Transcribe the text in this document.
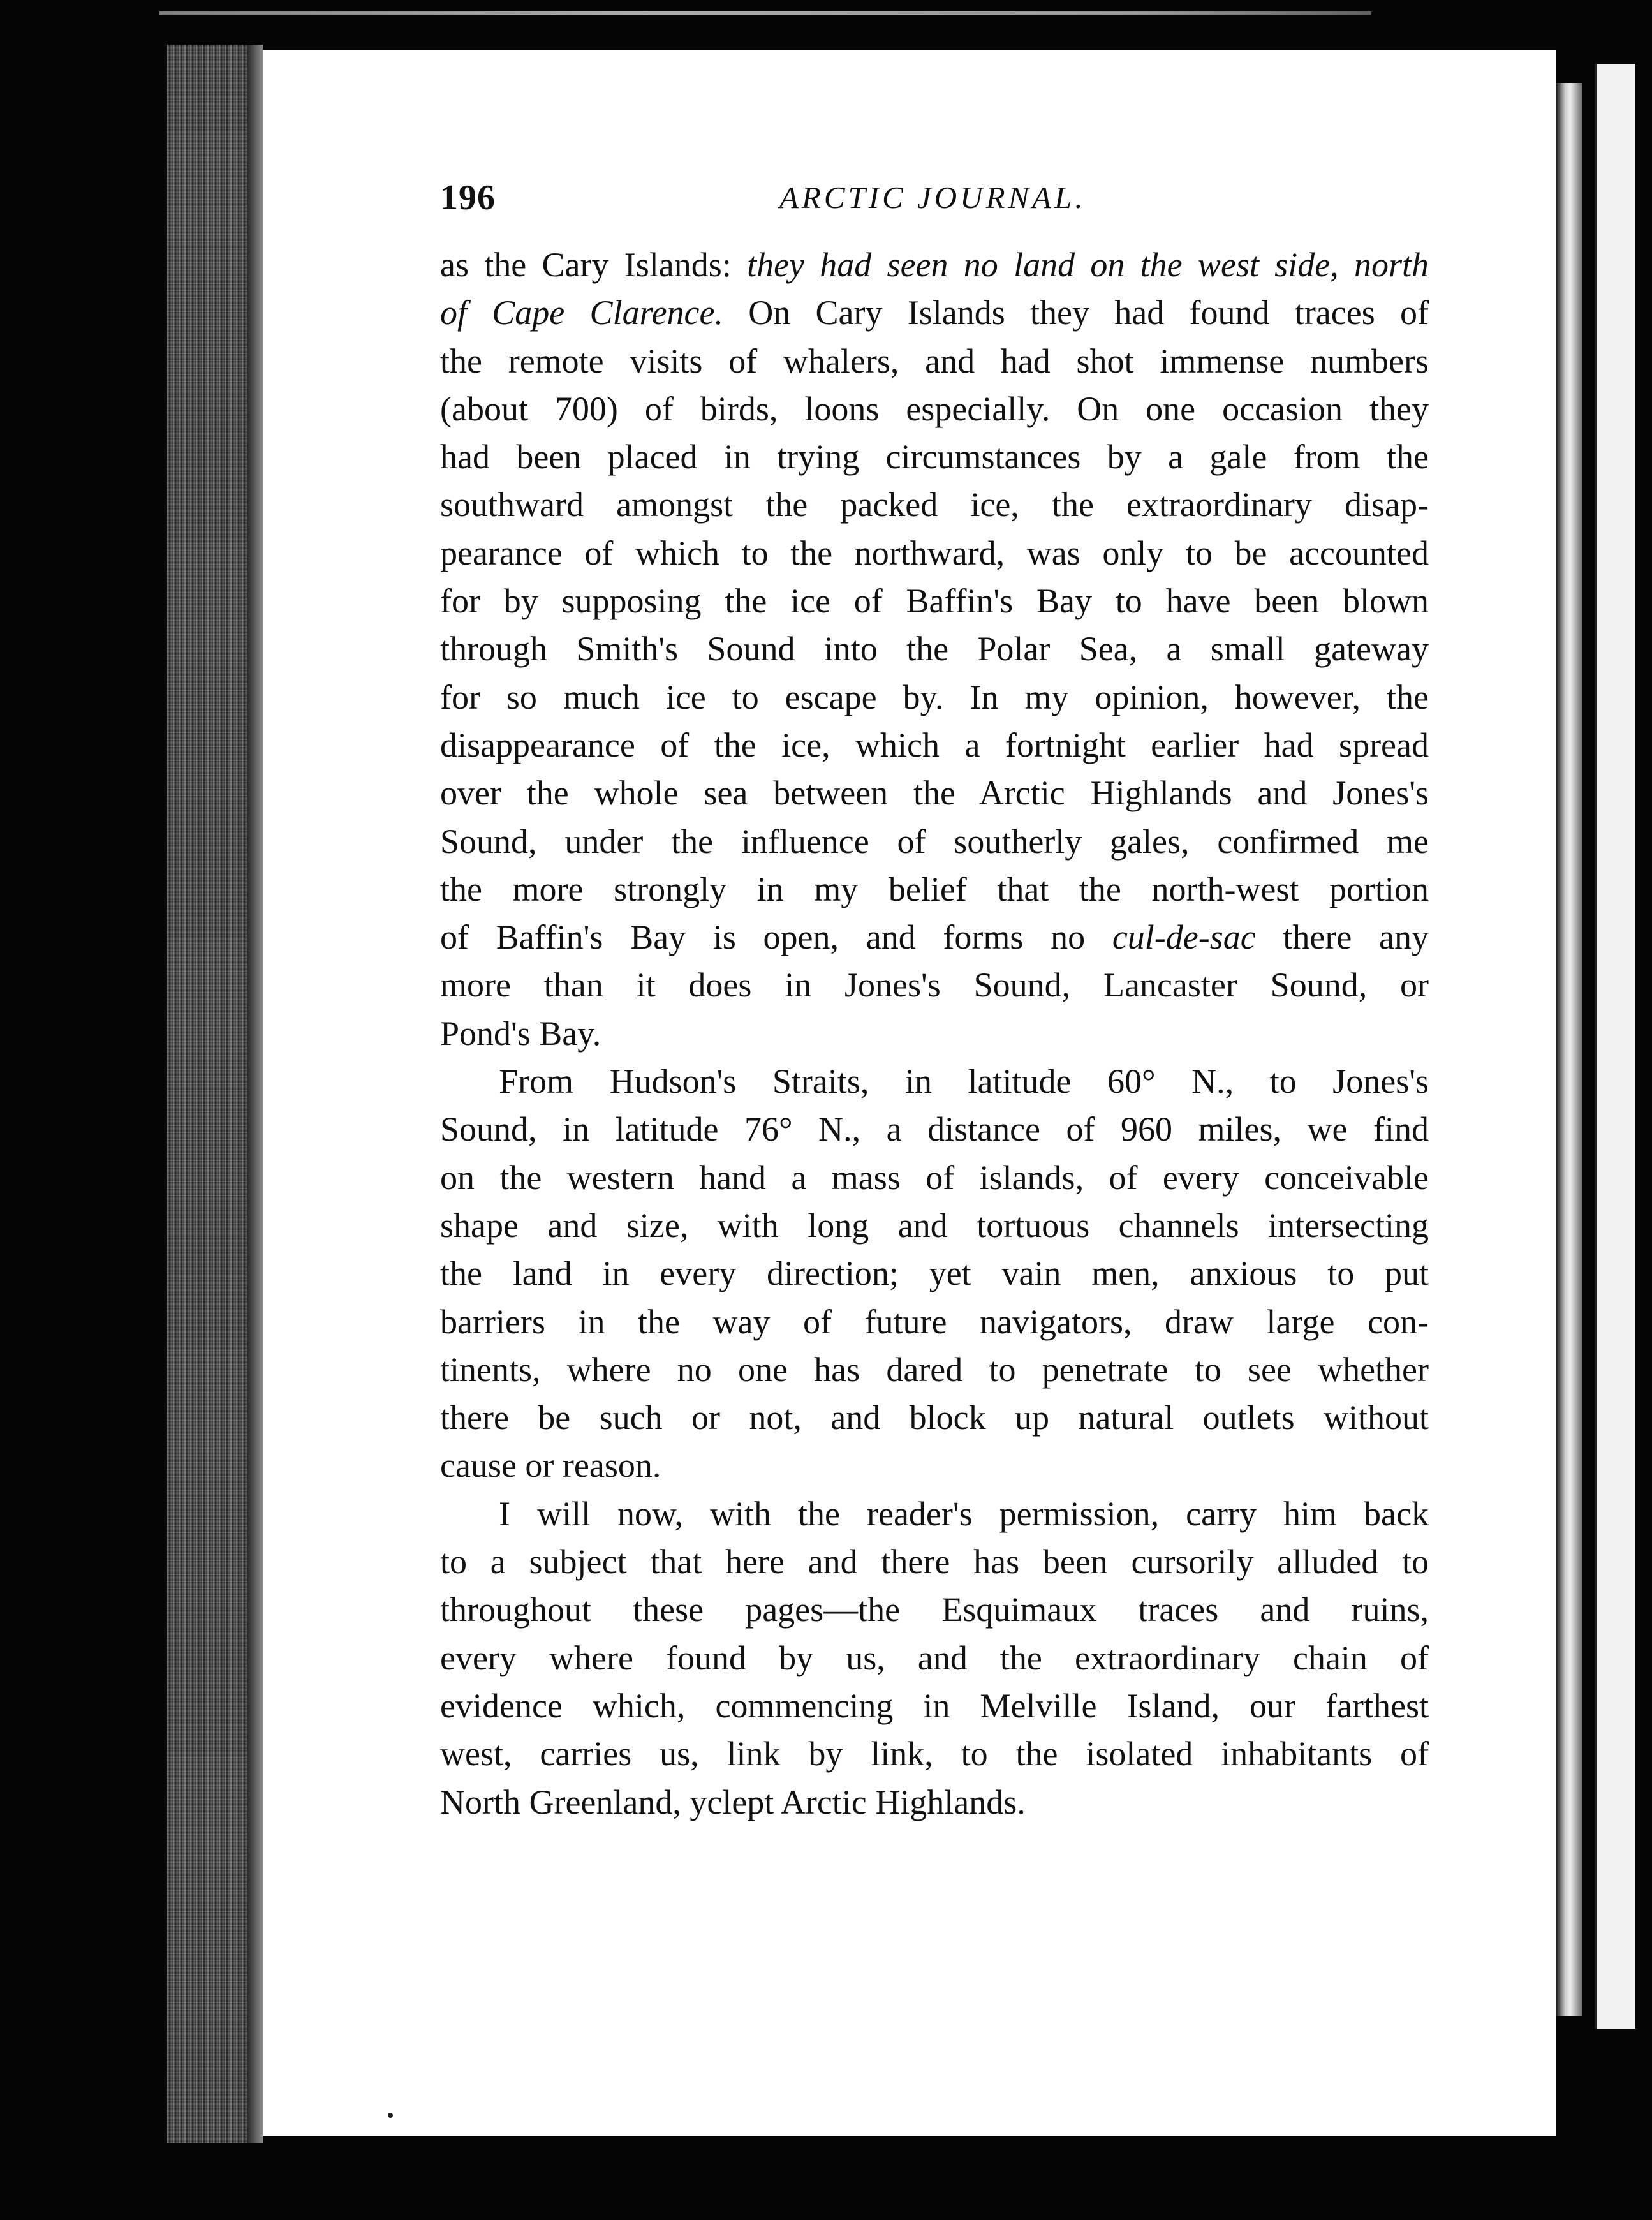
196	ARCTIC JOURNAL.
as the Cary Islands: they had seen no land on the west side, north
of Cape Clarence. On Cary Islands they had found traces of
the remote visits of whalers, and had shot immense numbers
(about 700) of birds, loons especially. On one occasion they
had been placed in trying circumstances by a gale from the
southward amongst the packed ice, the extraordinary disap-
pearance of which to the northward, was only to be accounted
for by supposing the ice of Baffin's Bay to have been blown
through Smith's Sound into the Polar Sea, a small gateway
for so much ice to escape by. In my opinion, however, the
disappearance of the ice, which a fortnight earlier had spread
over the whole sea between the Arctic Highlands and Jones's
Sound, under the influence of southerly gales, confirmed me
the more strongly in my belief that the north-west portion
of Baffin's Bay is open, and forms no cul-de-sac there any
more than it does in Jones's Sound, Lancaster Sound, or
Pond's Bay.
From Hudson's Straits, in latitude 60° N., to Jones's
Sound, in latitude 76° N., a distance of 960 miles, we find
on the western hand a mass of islands, of every conceivable
shape and size, with long and tortuous channels intersecting
the land in every direction; yet vain men, anxious to put
barriers in the way of future navigators, draw large con-
tinents, where no one has dared to penetrate to see whether
there be such or not, and block up natural outlets without
cause or reason.
I will now, with the reader's permission, carry him back
to a subject that here and there has been cursorily alluded to
throughout these pages—the Esquimaux traces and ruins,
every where found by us, and the extraordinary chain of
evidence which, commencing in Melville Island, our farthest
west, carries us, link by link, to the isolated inhabitants of
North Greenland, yclept Arctic Highlands.
